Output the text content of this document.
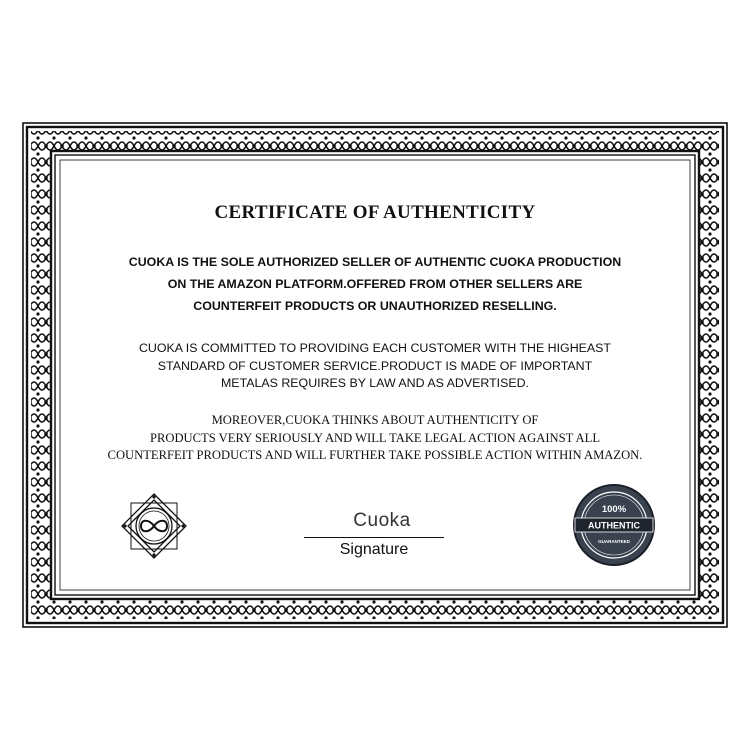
CERTIFICATE OF AUTHENTICITY
CUOKA IS THE SOLE AUTHORIZED SELLER OF AUTHENTIC CUOKA PRODUCTION
ON THE AMAZON PLATFORM.OFFERED FROM OTHER SELLERS ARE
COUNTERFEIT PRODUCTS OR UNAUTHORIZED RESELLING.
CUOKA IS COMMITTED TO PROVIDING EACH CUSTOMER WITH THE HIGHEAST
STANDARD OF CUSTOMER SERVICE.PRODUCT IS MADE OF IMPORTANT
METALAS REQUIRES BY LAW AND AS ADVERTISED.
MOREOVER,CUOKA THINKS ABOUT AUTHENTICITY OF
PRODUCTS VERY SERIOUSLY AND WILL TAKE LEGAL ACTION AGAINST ALL
COUNTERFEIT PRODUCTS AND WILL FURTHER TAKE POSSIBLE ACTION WITHIN AMAZON.
Cuoka
Signature
100%
AUTHENTIC
GUARANTEED
